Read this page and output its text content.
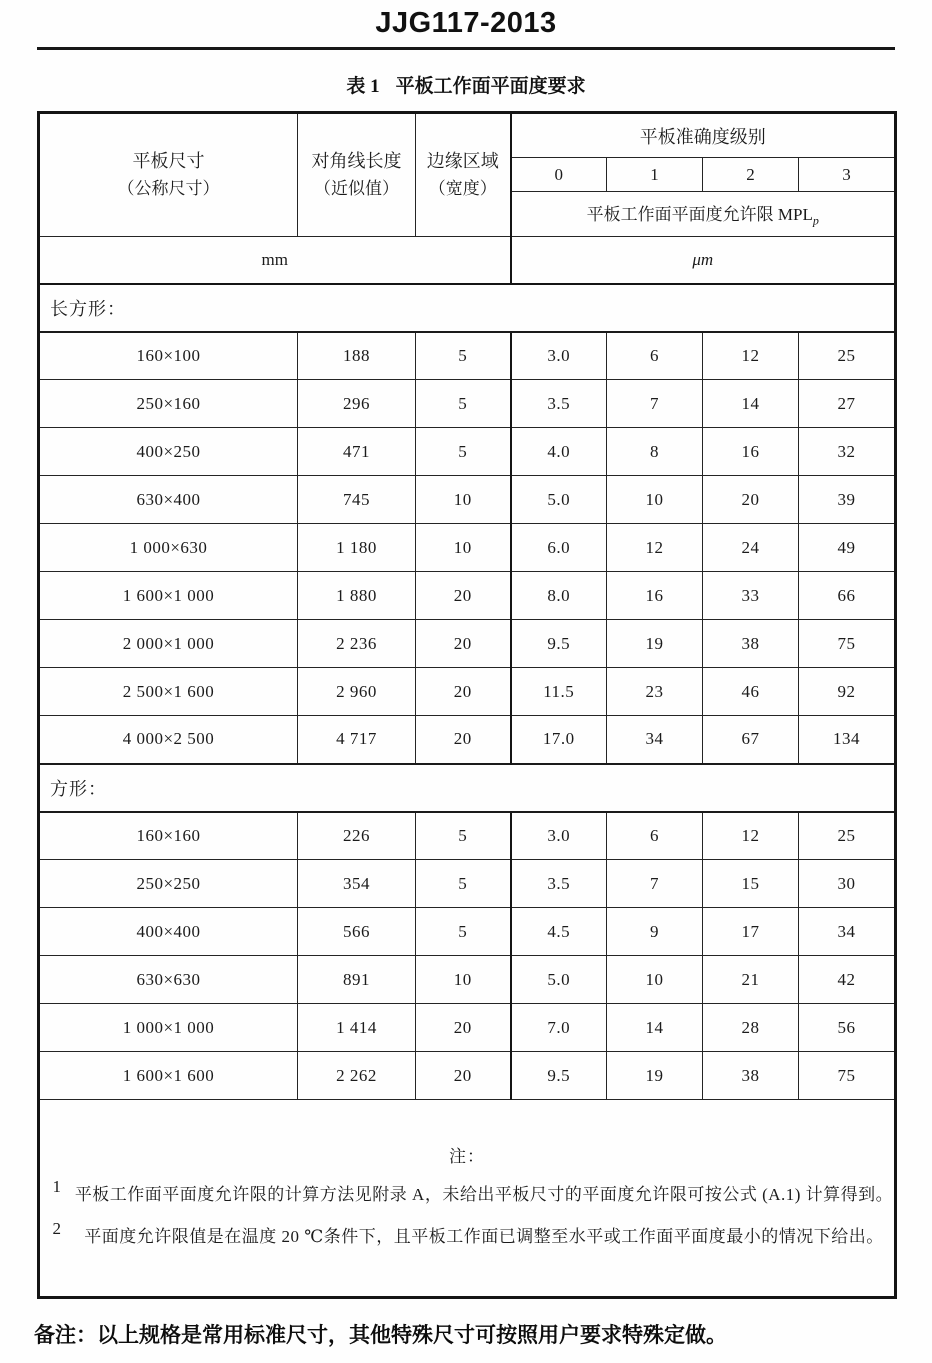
JJG117-2013
表 1 平板工作面平面度要求
平板尺寸
（公称尺寸）

对角线长度
（近似值）

边缘区域
（宽度）
	平板准确度级别
			0	1	2	3
			平板工作面平面度允许限 $MPL_p$
mm			μm			
长方形：						
160×100	188	5	3.0	6	12	25
250×160	296	5	3.5	7	14	27
400×250	471	5	4.0	8	16	32
630×400	745	10	5.0	10	20	39
1 000×630	1 180	10	6.0	12	24	49
1 600×1 000	1 880	20	8.0	16	33	66
2 000×1 000	2 236	20	9.5	19	38	75
2 500×1 600	2 960	20	11.5	23	46	92
4 000×2 500	4 717	20	17.0	34	67	134
方形：						
160×160	226	5	3.0	6	12	25
250×250	354	5	3.5	7	15	30
400×400	566	5	4.5	9	17	34
630×630	891	10	5.0	10	21	42
1 000×1 000	1 414	20	7.0	14	28	56
1 600×1 600	2 262	20	9.5	19	38	75

注：
1 平板工作面平面度允许限的计算方法见附录 A，未给出平板尺寸的平面度允许限可按公式 (A.1) 计算得到。
2 平面度允许限值是在温度 20 ℃条件下，且平板工作面已调整至水平或工作面平面度最小的情况下给出。						
备注：以上规格是常用标准尺寸，其他特殊尺寸可按照用户要求特殊定做。
